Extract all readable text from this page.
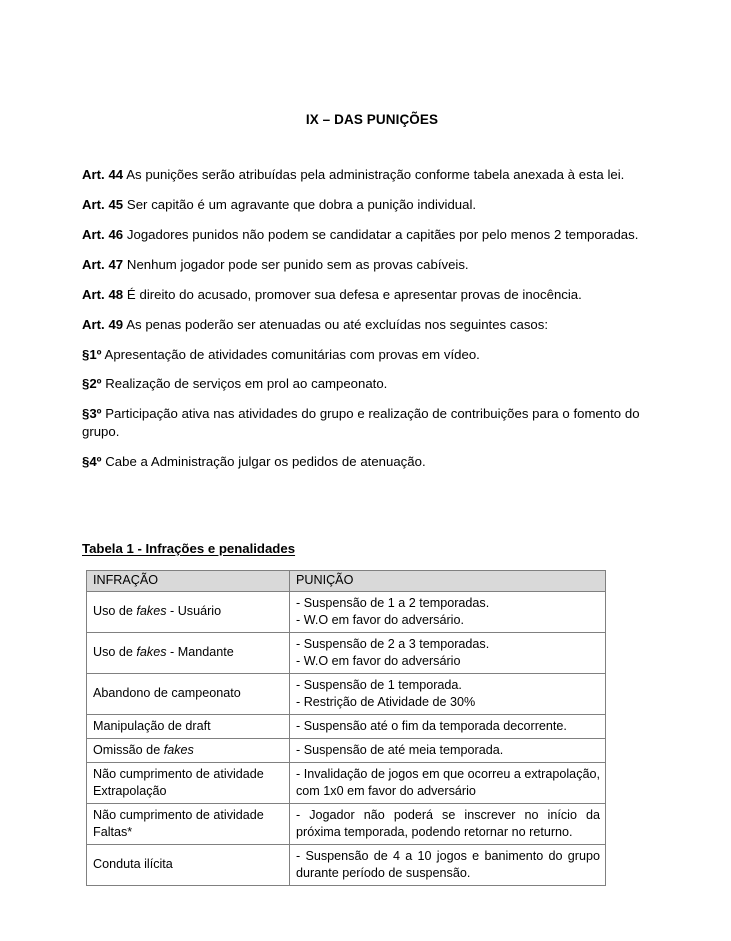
IX – DAS PUNIÇÕES

Art. 44 As punições serão atribuídas pela administração conforme tabela anexada à esta lei.

Art. 45 Ser capitão é um agravante que dobra a punição individual.

Art. 46 Jogadores punidos não podem se candidatar a capitães por pelo menos 2 temporadas.

Art. 47 Nenhum jogador pode ser punido sem as provas cabíveis.

Art. 48 É direito do acusado, promover sua defesa e apresentar provas de inocência.

Art. 49 As penas poderão ser atenuadas ou até excluídas nos seguintes casos:

§1º Apresentação de atividades comunitárias com provas em vídeo.

§2º Realização de serviços em prol ao campeonato.

§3º Participação ativa nas atividades do grupo e realização de contribuições para o fomento do grupo.

§4º Cabe a Administração julgar os pedidos de atenuação.

Tabela 1 - Infrações e penalidades
INFRAÇÃO	PUNIÇÃO
Uso de fakes - Usuário	- Suspensão de 1 a 2 temporadas.
- W.O em favor do adversário.

Uso de fakes - Mandante	- Suspensão de 2 a 3 temporadas.
- W.O em favor do adversário

Abandono de campeonato	- Suspensão de 1 temporada.
- Restrição de Atividade de 30%

Manipulação de draft	- Suspensão até o fim da temporada decorrente.

Omissão de fakes	- Suspensão de até meia temporada.

Não cumprimento de atividade Extrapolação	- Invalidação de jogos em que ocorreu a extrapolação, com 1x0 em favor do adversário
Não cumprimento de atividade Faltas*	- Jogador não poderá se inscrever no início da próxima temporada, podendo retornar no returno.
Conduta ilícita	- Suspensão de 4 a 10 jogos e banimento do grupo durante período de suspensão.
